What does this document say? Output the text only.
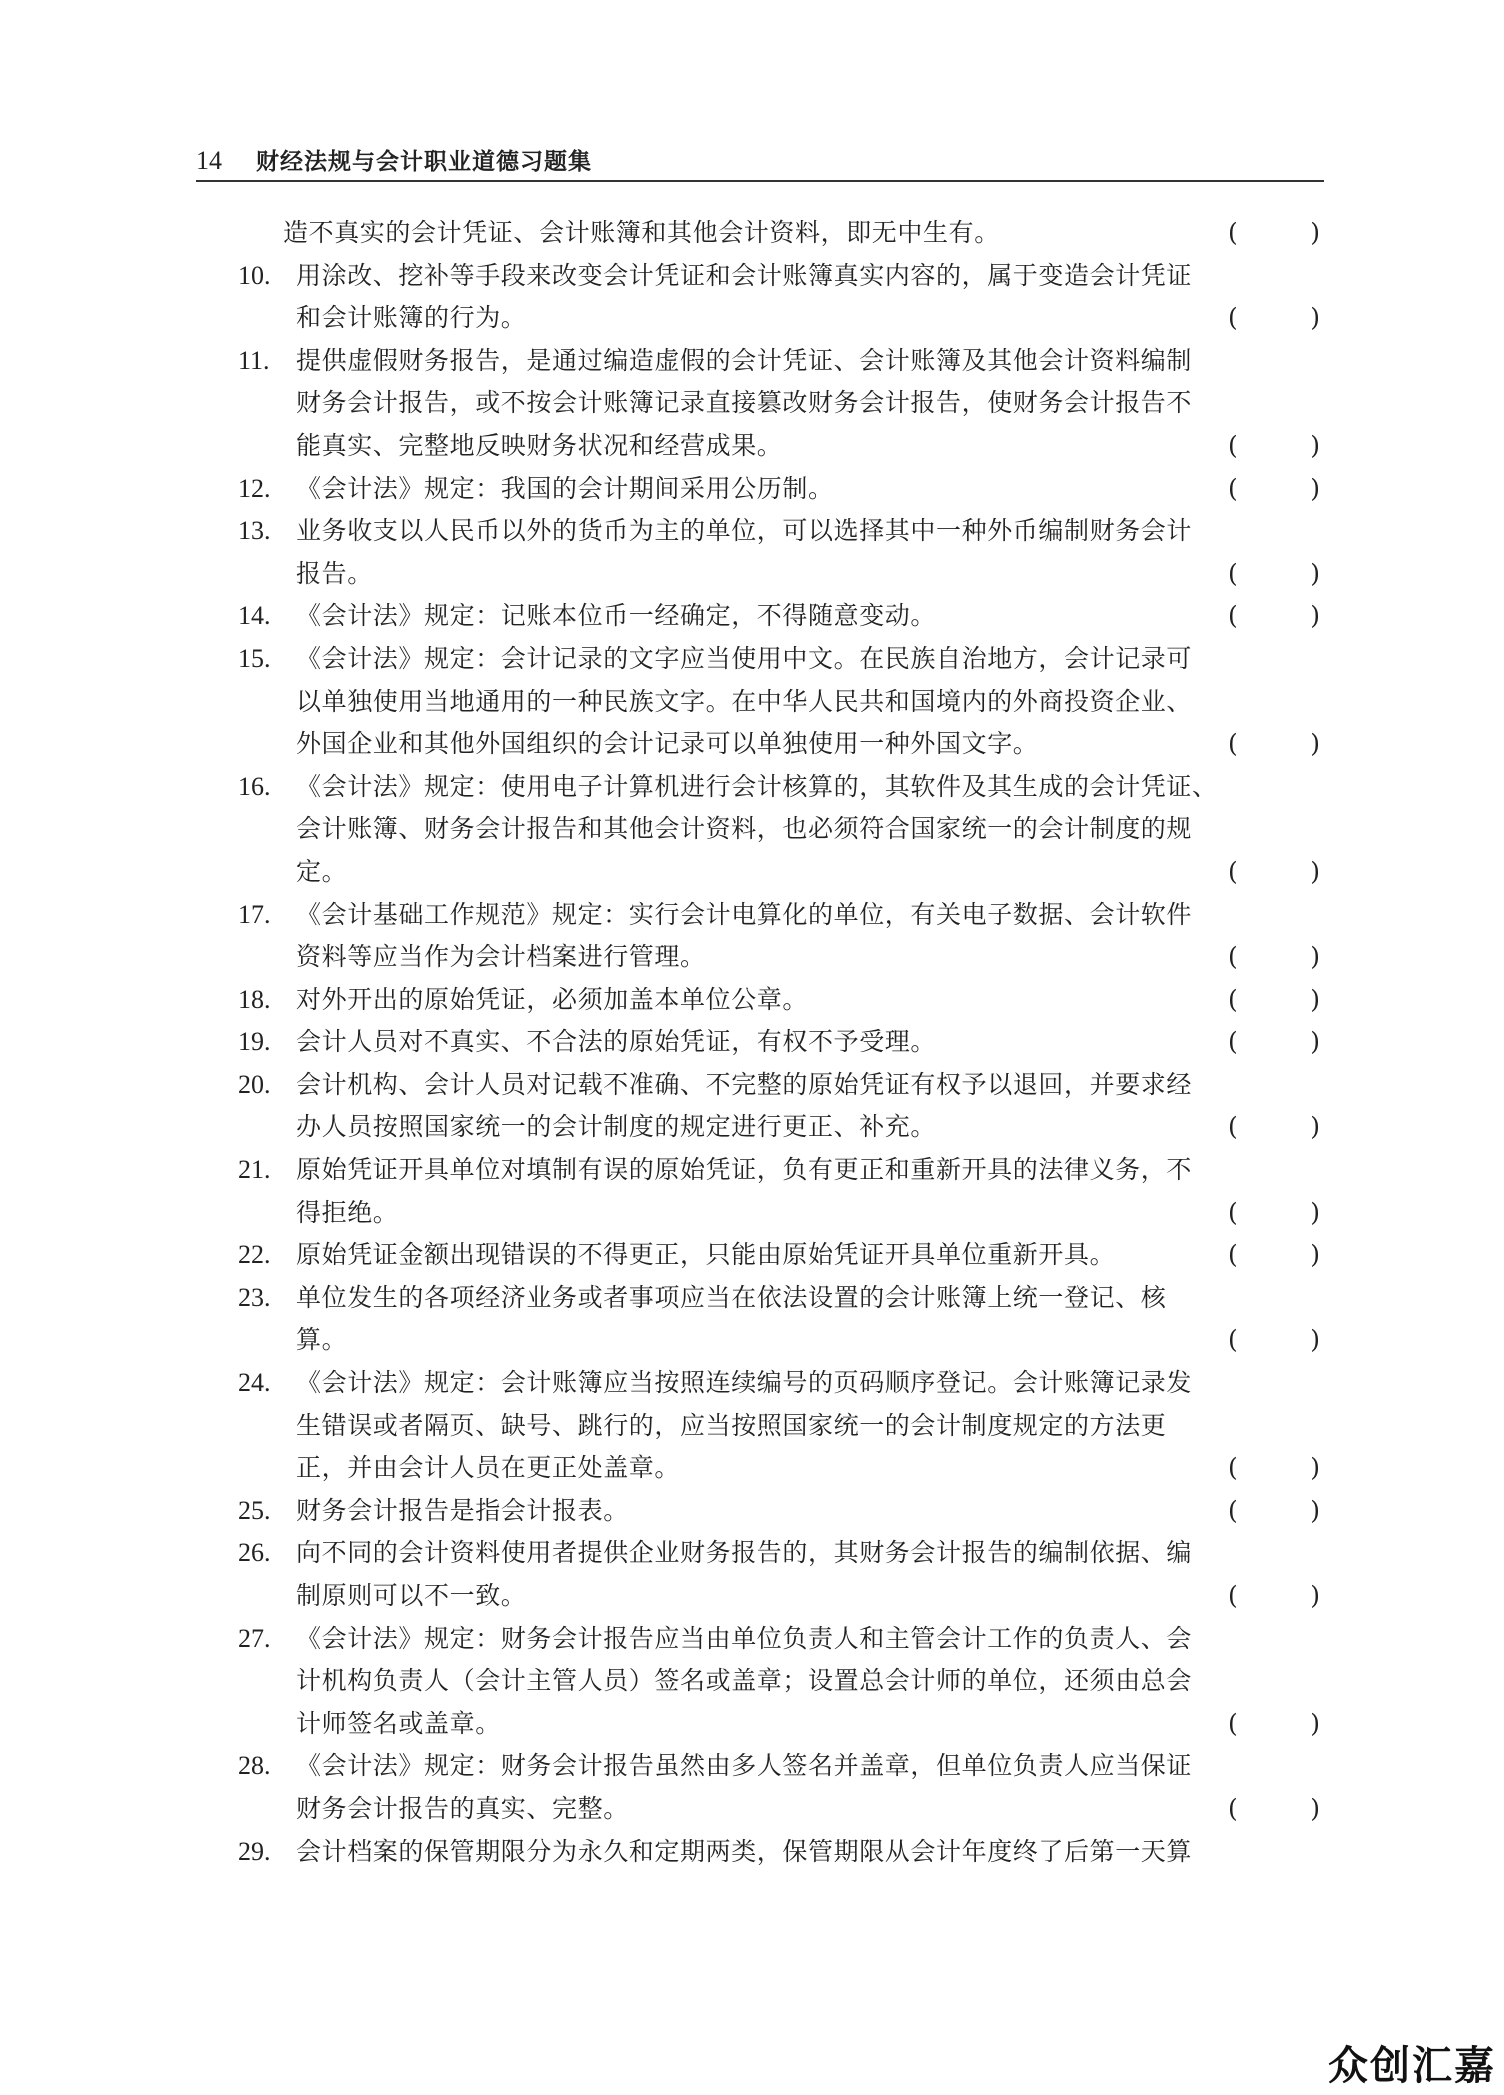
14 财经法规与会计职业道德习题集
造不真实的会计凭证、会计账簿和其他会计资料，即无中生有。	(	)
10. 用涂改、挖补等手段来改变会计凭证和会计账簿真实内容的，属于变造会计凭证
和会计账簿的行为。	(	)
11. 提供虚假财务报告，是通过编造虚假的会计凭证、会计账簿及其他会计资料编制
财务会计报告，或不按会计账簿记录直接篡改财务会计报告，使财务会计报告不
能真实、完整地反映财务状况和经营成果。	(	)
12. 《会计法》规定：我国的会计期间采用公历制。	(	)
13. 业务收支以人民币以外的货币为主的单位，可以选择其中一种外币编制财务会计
报告。	(	)
14. 《会计法》规定：记账本位币一经确定，不得随意变动。	(	)
15. 《会计法》规定：会计记录的文字应当使用中文。在民族自治地方，会计记录可
以单独使用当地通用的一种民族文字。在中华人民共和国境内的外商投资企业、
外国企业和其他外国组织的会计记录可以单独使用一种外国文字。	(	)
16. 《会计法》规定：使用电子计算机进行会计核算的，其软件及其生成的会计凭证、
会计账簿、财务会计报告和其他会计资料，也必须符合国家统一的会计制度的规
定。	(	)
17. 《会计基础工作规范》规定：实行会计电算化的单位，有关电子数据、会计软件
资料等应当作为会计档案进行管理。	(	)
18. 对外开出的原始凭证，必须加盖本单位公章。	(	)
19. 会计人员对不真实、不合法的原始凭证，有权不予受理。	(	)
20. 会计机构、会计人员对记载不准确、不完整的原始凭证有权予以退回，并要求经
办人员按照国家统一的会计制度的规定进行更正、补充。	(	)
21. 原始凭证开具单位对填制有误的原始凭证，负有更正和重新开具的法律义务，不
得拒绝。	(	)
22. 原始凭证金额出现错误的不得更正，只能由原始凭证开具单位重新开具。	(	)
23. 单位发生的各项经济业务或者事项应当在依法设置的会计账簿上统一登记、核
算。	(	)
24. 《会计法》规定：会计账簿应当按照连续编号的页码顺序登记。会计账簿记录发
生错误或者隔页、缺号、跳行的，应当按照国家统一的会计制度规定的方法更
正，并由会计人员在更正处盖章。	(	)
25. 财务会计报告是指会计报表。	(	)
26. 向不同的会计资料使用者提供企业财务报告的，其财务会计报告的编制依据、编
制原则可以不一致。	(	)
27. 《会计法》规定：财务会计报告应当由单位负责人和主管会计工作的负责人、会
计机构负责人（会计主管人员）签名或盖章；设置总会计师的单位，还须由总会
计师签名或盖章。	(	)
28. 《会计法》规定：财务会计报告虽然由多人签名并盖章，但单位负责人应当保证
财务会计报告的真实、完整。	(	)
29. 会计档案的保管期限分为永久和定期两类，保管期限从会计年度终了后第一天算
众创汇嘉
